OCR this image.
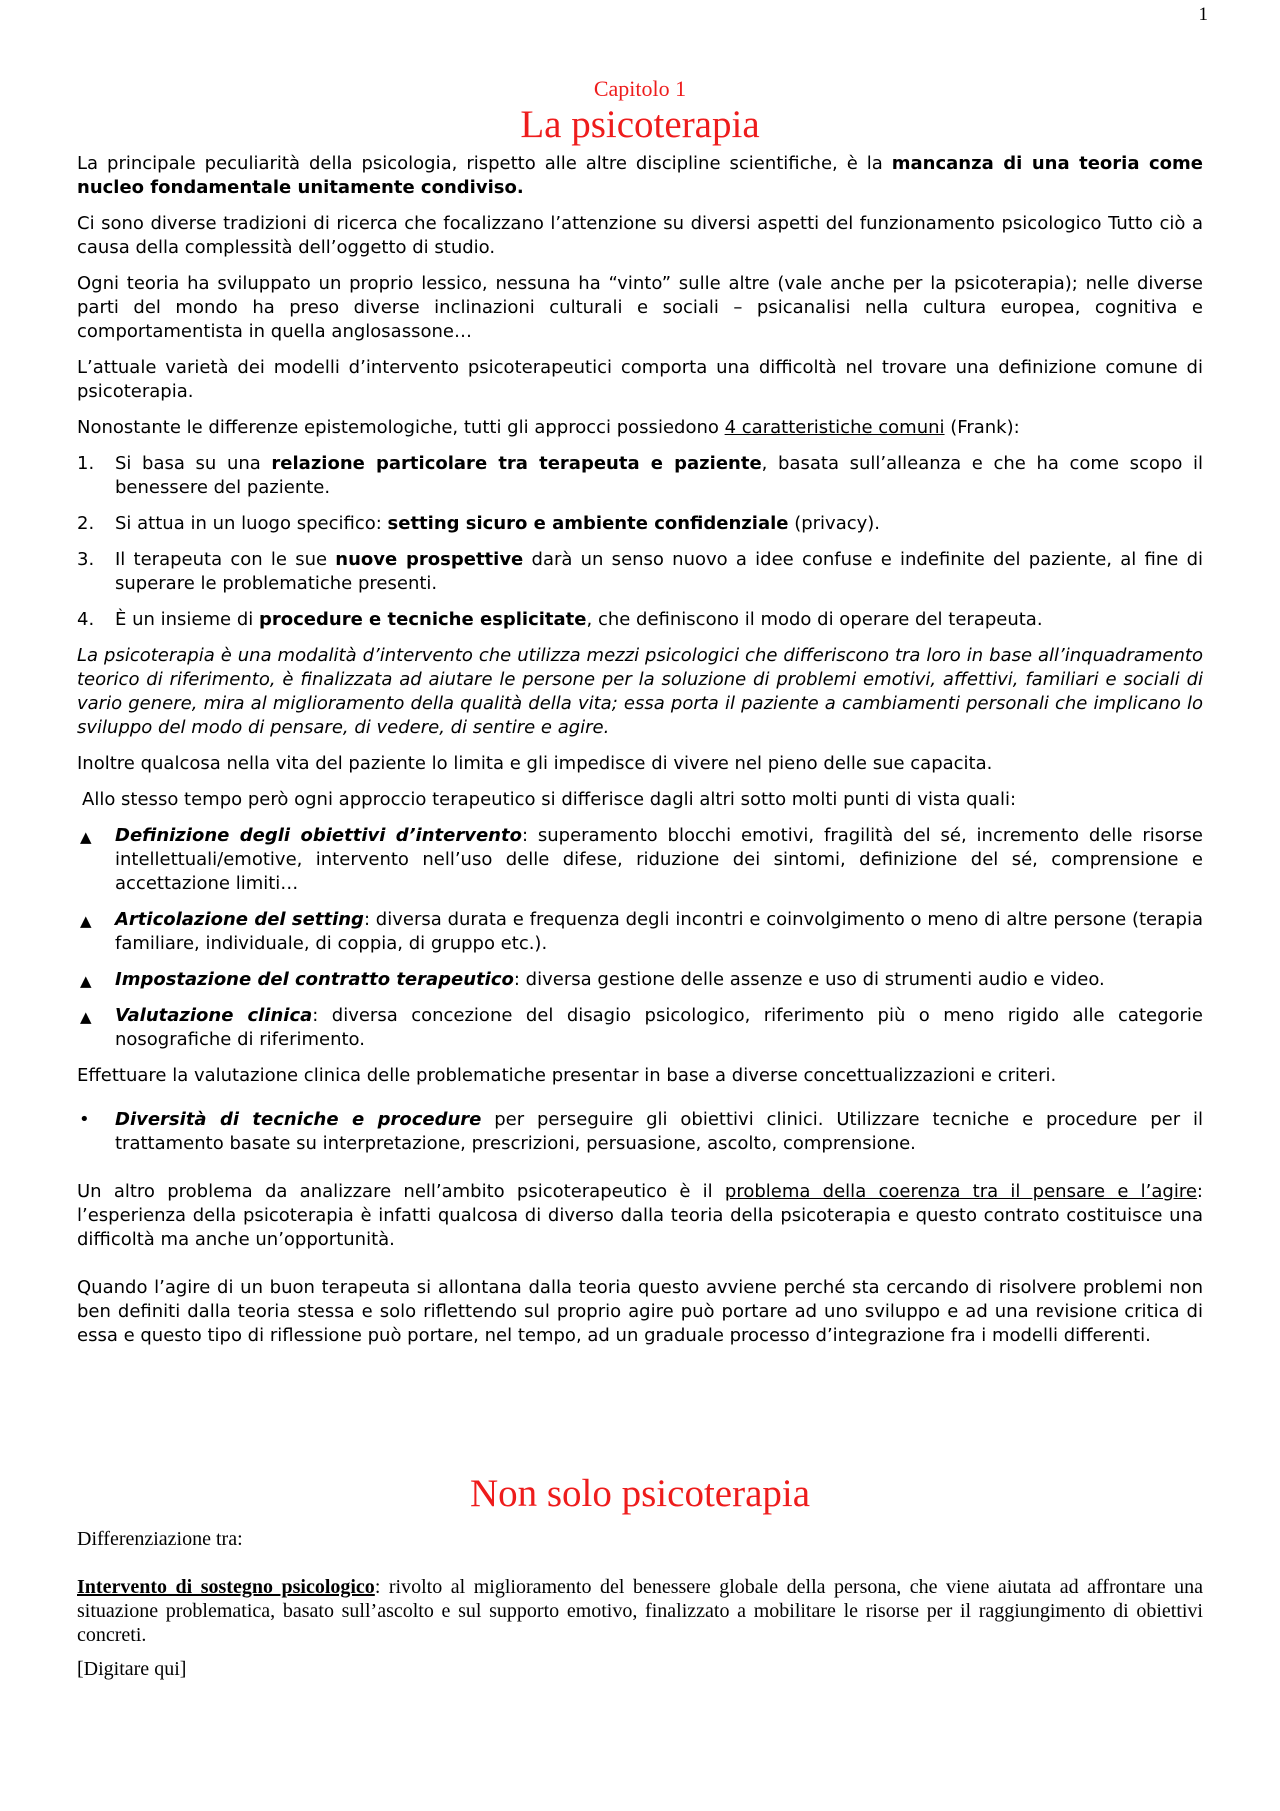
1
Capitolo 1
La psicoterapia

La principale peculiarità della psicologia, rispetto alle altre discipline scientifiche, è la mancanza di una teoria come nucleo fondamentale unitamente condiviso.

Ci sono diverse tradizioni di ricerca che focalizzano l’attenzione su diversi aspetti del funzionamento psicologico Tutto ciò a causa della complessità dell’oggetto di studio.

Ogni teoria ha sviluppato un proprio lessico, nessuna ha “vinto” sulle altre (vale anche per la psicoterapia); nelle diverse parti del mondo ha preso diverse inclinazioni culturali e sociali – psicanalisi nella cultura europea, cognitiva e comportamentista in quella anglosassone…

L’attuale varietà dei modelli d’intervento psicoterapeutici comporta una difficoltà nel trovare una definizione comune di psicoterapia.

Nonostante le differenze epistemologiche, tutti gli approcci possiedono 4 caratteristiche comuni (Frank):

1.	Si basa su una relazione particolare tra terapeuta e paziente, basata sull’alleanza e che ha come scopo il benessere del paziente.
2.	Si attua in un luogo specifico: setting sicuro e ambiente confidenziale (privacy).
3.	Il terapeuta con le sue nuove prospettive darà un senso nuovo a idee confuse e indefinite del paziente, al fine di superare le problematiche presenti.
4.	È un insieme di procedure e tecniche esplicitate, che definiscono il modo di operare del terapeuta.

La psicoterapia è una modalità d’intervento che utilizza mezzi psicologici che differiscono tra loro in base all’inquadramento teorico di riferimento, è finalizzata ad aiutare le persone per la soluzione di problemi emotivi, affettivi, familiari e sociali di vario genere, mira al miglioramento della qualità della vita; essa porta il paziente a cambiamenti personali che implicano lo sviluppo del modo di pensare, di vedere, di sentire e agire.

Inoltre qualcosa nella vita del paziente lo limita e gli impedisce di vivere nel pieno delle sue capacita.

Allo stesso tempo però ogni approccio terapeutico si differisce dagli altri sotto molti punti di vista quali:

▲	Definizione degli obiettivi d’intervento: superamento blocchi emotivi, fragilità del sé, incremento delle risorse intellettuali/emotive, intervento nell’uso delle difese, riduzione dei sintomi, definizione del sé, comprensione e accettazione limiti…
▲	Articolazione del setting: diversa durata e frequenza degli incontri e coinvolgimento o meno di altre persone (terapia familiare, individuale, di coppia, di gruppo etc.).
▲	Impostazione del contratto terapeutico: diversa gestione delle assenze e uso di strumenti audio e video.
▲	Valutazione clinica: diversa concezione del disagio psicologico, riferimento più o meno rigido alle categorie nosografiche di riferimento.

Effettuare la valutazione clinica delle problematiche presentar in base a diverse concettualizzazioni e criteri.

•	Diversità di tecniche e procedure per perseguire gli obiettivi clinici. Utilizzare tecniche e procedure per il trattamento basate su interpretazione, prescrizioni, persuasione, ascolto, comprensione.

Un altro problema da analizzare nell’ambito psicoterapeutico è il problema della coerenza tra il pensare e l’agire: l’esperienza della psicoterapia è infatti qualcosa di diverso dalla teoria della psicoterapia e questo contrato costituisce una difficoltà ma anche un’opportunità.

Quando l’agire di un buon terapeuta si allontana dalla teoria questo avviene perché sta cercando di risolvere problemi non ben definiti dalla teoria stessa e solo riflettendo sul proprio agire può portare ad uno sviluppo e ad una revisione critica di essa e questo tipo di riflessione può portare, nel tempo, ad un graduale processo d’integrazione fra i modelli differenti.

Non solo psicoterapia

Differenziazione tra:

Intervento di sostegno psicologico: rivolto al miglioramento del benessere globale della persona, che viene aiutata ad affrontare una situazione problematica, basato sull’ascolto e sul supporto emotivo, finalizzato a mobilitare le risorse per il raggiungimento di obiettivi concreti.

[Digitare qui]
